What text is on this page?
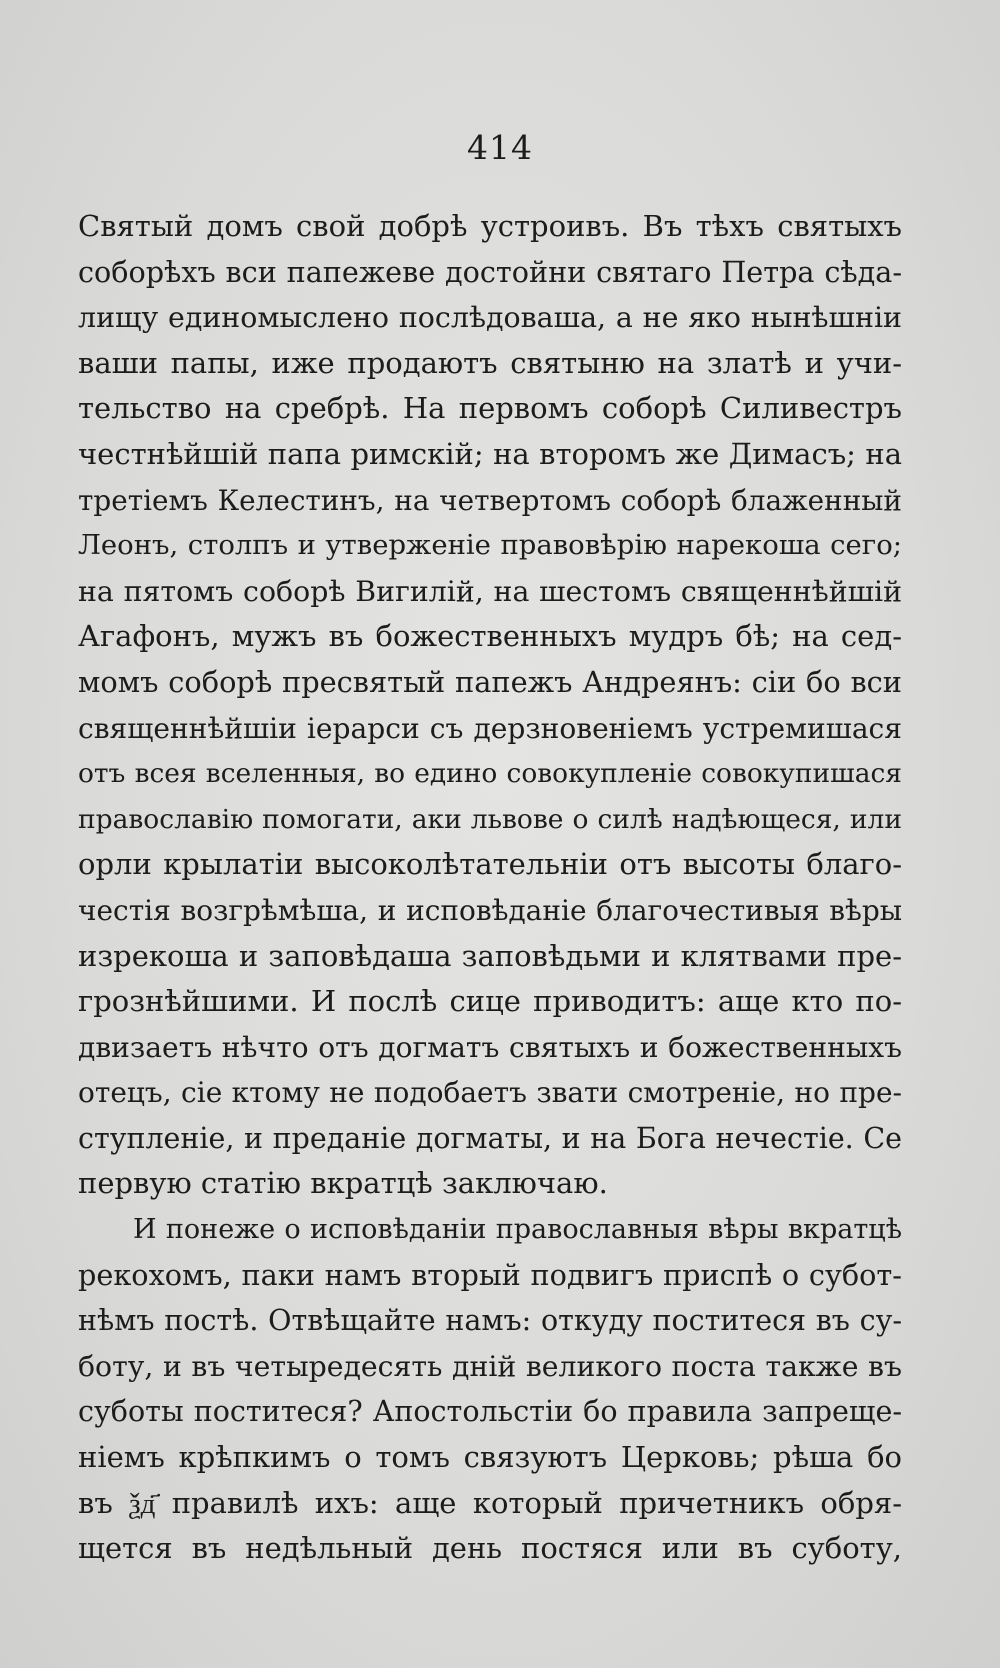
414
Святый домъ свой добрѣ устроивъ. Въ тѣхъ святыхъ
соборѣхъ вси папежеве достойни святаго Петра сѣда-
лищу единомыслено послѣдоваша, а не яко нынѣшніи
ваши папы, иже продаютъ святыню на златѣ и учи-
тельство на сребрѣ. На первомъ соборѣ Силивестръ
честнѣйшій папа римскій; на второмъ же Димасъ; на
третіемъ Келестинъ, на четвертомъ соборѣ блаженный
Леонъ, столпъ и утверженіе правовѣрію нарекоша сего;
на пятомъ соборѣ Вигилій, на шестомъ священнѣйшій
Агафонъ, мужъ въ божественныхъ мудръ бѣ; на сед-
момъ соборѣ пресвятый папежъ Андреянъ: сіи бо вси
священнѣйшіи іерарси съ дерзновеніемъ устремишася
отъ всея вселенныя, во едино совокупленіе совокупишася
православію помогати, аки львове о силѣ надѣющеся, или
орли крылатіи высоколѣтательніи отъ высоты благо-
честія возгрѣмѣша, и исповѣданіе благочестивыя вѣры
изрекоша и заповѣдаша заповѣдьми и клятвами пре-
грознѣйшими. И послѣ сице приводитъ: аще кто по-
двизаетъ нѣчто отъ догматъ святыхъ и божественныхъ
отецъ, сіе ктому не подобаетъ звати смотреніе, но пре-
ступленіе, и преданіе догматы, и на Бога нечестіе. Се
первую статію вкратцѣ заключаю.
И понеже о исповѣданіи православныя вѣры вкратцѣ
рекохомъ, паки намъ вторый подвигъ приспѣ о субот-
нѣмъ постѣ. Отвѣщайте намъ: откуду поститеся въ су-
боту, и въ четыредесять дній великого поста также въ
суботы поститеся? Апостольстіи бо правила запреще-
ніемъ крѣпкимъ о томъ связуютъ Церковь; рѣша бо
въ ѯд҃ правилѣ ихъ: аще который причетникъ обря-
щется въ недѣльный день постяся или въ суботу,
